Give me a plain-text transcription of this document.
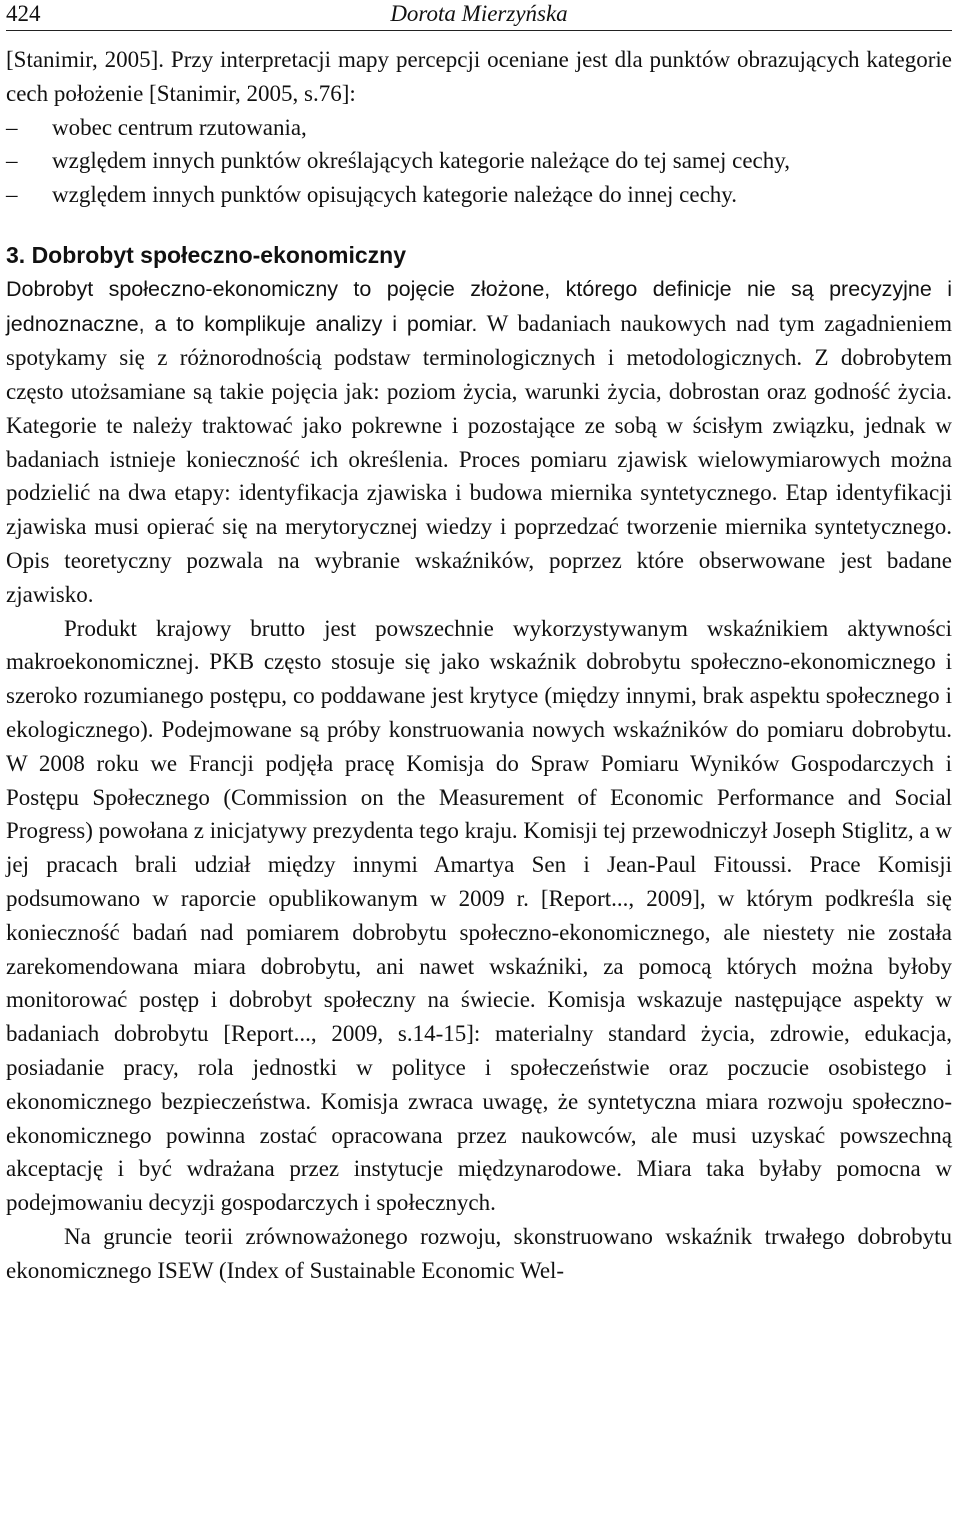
424	Dorota Mierzyńska

[Stanimir, 2005]. Przy interpretacji mapy percepcji oceniane jest dla punktów obrazujących kategorie cech położenie [Stanimir, 2005, s.76]:

– wobec centrum rzutowania,
– względem innych punktów określających kategorie należące do tej samej cechy,
– względem innych punktów opisujących kategorie należące do innej cechy.
3. Dobrobyt społeczno-ekonomiczny

Dobrobyt społeczno-ekonomiczny to pojęcie złożone, którego definicje nie są precyzyjne i jednoznaczne, a to komplikuje analizy i pomiar. W badaniach naukowych nad tym zagadnieniem spotykamy się z różnorodnością podstaw terminologicznych i metodologicznych. Z dobrobytem często utożsamiane są takie pojęcia jak: poziom życia, warunki życia, dobrostan oraz godność życia. Kategorie te należy traktować jako pokrewne i pozostające ze sobą w ścisłym związku, jednak w badaniach istnieje konieczność ich określenia. Proces pomiaru zjawisk wielowymiarowych można podzielić na dwa etapy: identyfikacja zjawiska i budowa miernika syntetycznego. Etap identyfikacji zjawiska musi opierać się na merytorycznej wiedzy i poprzedzać tworzenie miernika syntetycznego. Opis teoretyczny pozwala na wybranie wskaźników, poprzez które obserwowane jest badane zjawisko.

Produkt krajowy brutto jest powszechnie wykorzystywanym wskaźnikiem aktywności makroekonomicznej. PKB często stosuje się jako wskaźnik dobrobytu społeczno-ekonomicznego i szeroko rozumianego postępu, co poddawane jest krytyce (między innymi, brak aspektu społecznego i ekologicznego). Podejmowane są próby konstruowania nowych wskaźników do pomiaru dobrobytu. W 2008 roku we Francji podjęła pracę Komisja do Spraw Pomiaru Wyników Gospodarczych i Postępu Społecznego (Commission on the Measurement of Economic Performance and Social Progress) powołana z inicjatywy prezydenta tego kraju. Komisji tej przewodniczył Joseph Stiglitz, a w jej pracach brali udział między innymi Amartya Sen i Jean-Paul Fitoussi. Prace Komisji podsumowano w raporcie opublikowanym w 2009 r. [Report..., 2009], w którym podkreśla się konieczność badań nad pomiarem dobrobytu społeczno-ekonomicznego, ale niestety nie została zarekomendowana miara dobrobytu, ani nawet wskaźniki, za pomocą których można byłoby monitorować postęp i dobrobyt społeczny na świecie. Komisja wskazuje następujące aspekty w badaniach dobrobytu [Report..., 2009, s.14-15]: materialny standard życia, zdrowie, edukacja, posiadanie pracy, rola jednostki w polityce i społeczeństwie oraz poczucie osobistego i ekonomicznego bezpieczeństwa. Komisja zwraca uwagę, że syntetyczna miara rozwoju społeczno-ekonomicznego powinna zostać opracowana przez naukowców, ale musi uzyskać powszechną akceptację i być wdrażana przez instytucje międzynarodowe. Miara taka byłaby pomocna w podejmowaniu decyzji gospodarczych i społecznych.

Na gruncie teorii zrównoważonego rozwoju, skonstruowano wskaźnik trwałego dobrobytu ekonomicznego ISEW (Index of Sustainable Economic Wel-
